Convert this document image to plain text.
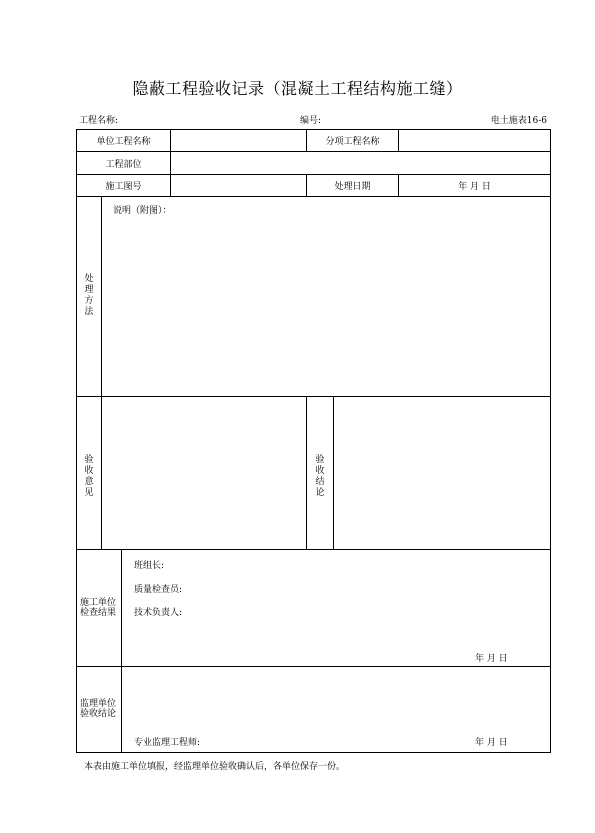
隐蔽工程验收记录（混凝土工程结构施工缝）
工程名称:	编号:	电土施表16-6
单位工程名称	分项工程名称
工程部位
施工图号	处理日期	年 月 日
处理方法
说明（附图）：
验收意见
验收结论
施工单位检查结果
班组长:
质量检查员:
技术负责人:
年 月 日
监理单位验收结论
专业监理工程师:	年 月 日
本表由施工单位填报，经监理单位验收确认后，各单位保存一份。
